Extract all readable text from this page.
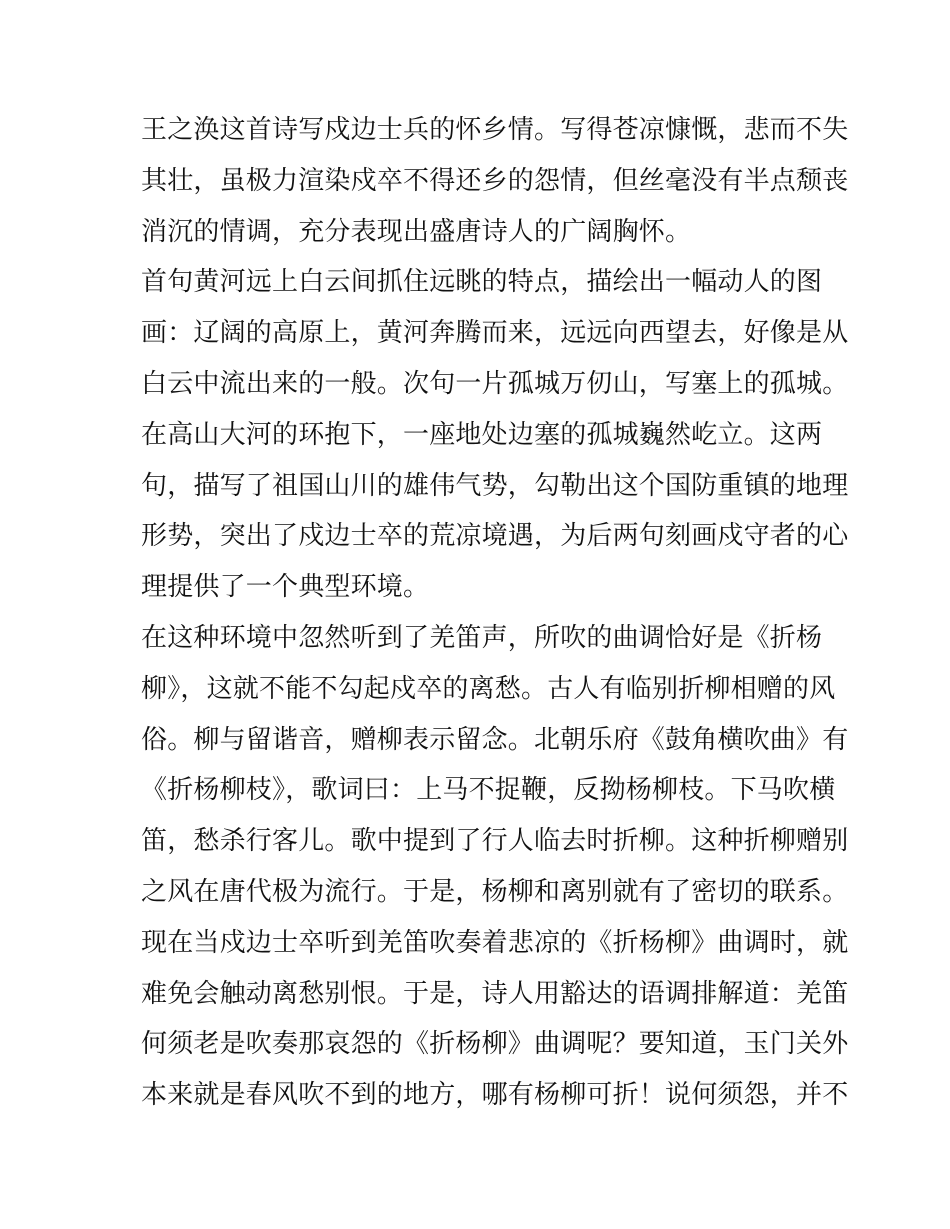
王之涣这首诗写戍边士兵的怀乡情。写得苍凉慷慨，悲而不失
其壮，虽极力渲染戍卒不得还乡的怨情，但丝毫没有半点颓丧
消沉的情调，充分表现出盛唐诗人的广阔胸怀。
首句黄河远上白云间抓住远眺的特点，描绘出一幅动人的图
画：辽阔的高原上，黄河奔腾而来，远远向西望去，好像是从
白云中流出来的一般。次句一片孤城万仞山，写塞上的孤城。
在高山大河的环抱下，一座地处边塞的孤城巍然屹立。这两
句，描写了祖国山川的雄伟气势，勾勒出这个国防重镇的地理
形势，突出了戍边士卒的荒凉境遇，为后两句刻画戍守者的心
理提供了一个典型环境。
在这种环境中忽然听到了羌笛声，所吹的曲调恰好是《折杨
柳》，这就不能不勾起戍卒的离愁。古人有临别折柳相赠的风
俗。柳与留谐音，赠柳表示留念。北朝乐府《鼓角横吹曲》有
《折杨柳枝》，歌词曰：上马不捉鞭，反拗杨柳枝。下马吹横
笛，愁杀行客儿。歌中提到了行人临去时折柳。这种折柳赠别
之风在唐代极为流行。于是，杨柳和离别就有了密切的联系。
现在当戍边士卒听到羌笛吹奏着悲凉的《折杨柳》曲调时，就
难免会触动离愁别恨。于是，诗人用豁达的语调排解道：羌笛
何须老是吹奏那哀怨的《折杨柳》曲调呢？要知道，玉门关外
本来就是春风吹不到的地方，哪有杨柳可折！说何须怨，并不
